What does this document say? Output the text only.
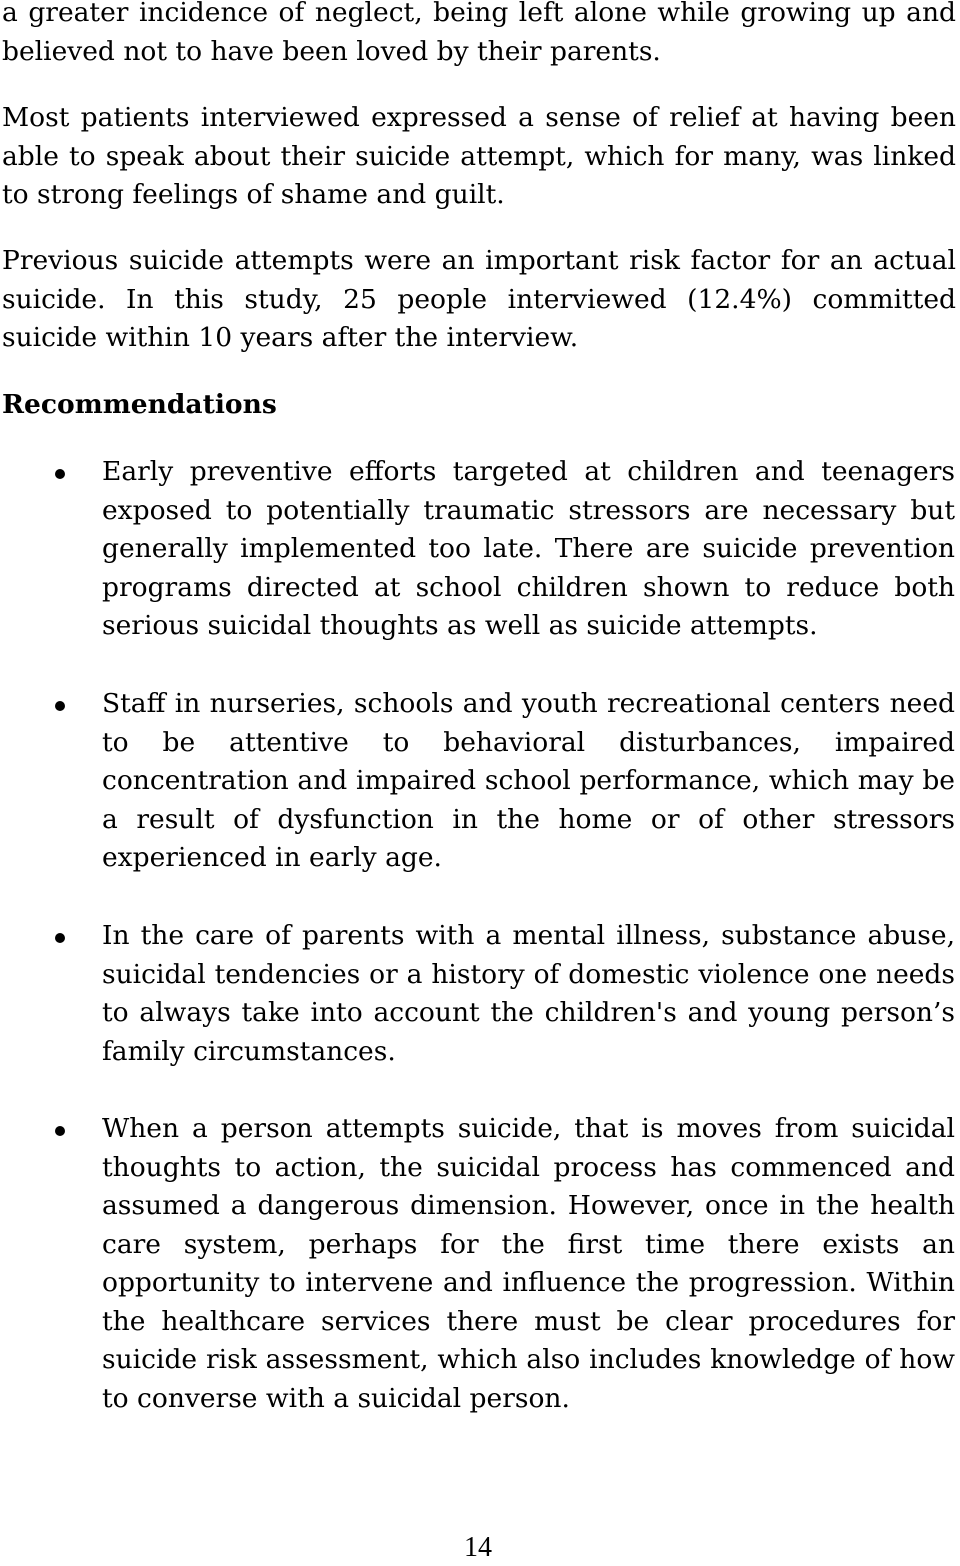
a greater incidence of neglect, being left alone while growing up and believed not to have been loved by their parents.

Most patients interviewed expressed a sense of relief at having been able to speak about their suicide attempt, which for many, was linked to strong feelings of shame and guilt.

Previous suicide attempts were an important risk factor for an actual suicide. In this study, 25 people interviewed (12.4%) committed suicide within 10 years after the interview.

Recommendations

Early preventive efforts targeted at children and teenagers exposed to potentially traumatic stressors are necessary but generally implemented too late. There are suicide prevention programs directed at school children shown to reduce both serious suicidal thoughts as well as suicide attempts.

Staff in nurseries, schools and youth recreational centers need to be attentive to behavioral disturbances, impaired concentration and impaired school performance, which may be a result of dysfunction in the home or of other stressors experienced in early age.

In the care of parents with a mental illness, substance abuse, suicidal tendencies or a history of domestic violence one needs to always take into account the children's and young person’s family circumstances.

When a person attempts suicide, that is moves from suicidal thoughts to action, the suicidal process has commenced and assumed a dangerous dimension. However, once in the health care system, perhaps for the first time there exists an opportunity to intervene and influence the progression. Within the healthcare services there must be clear procedures for suicide risk assessment, which also includes knowledge of how to converse with a suicidal person.

14
